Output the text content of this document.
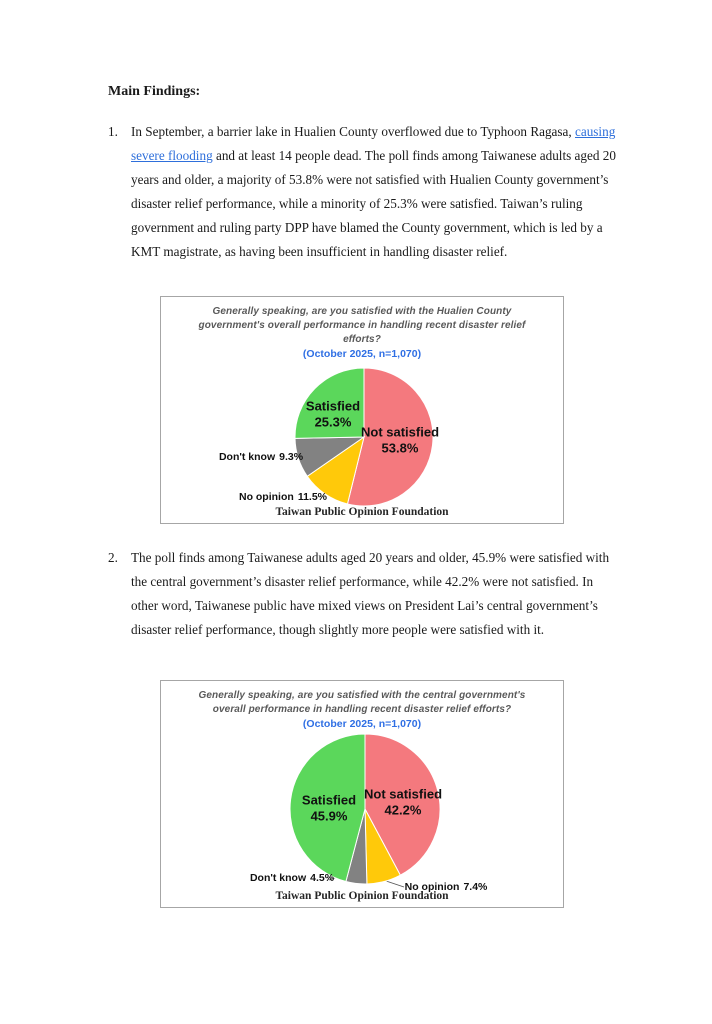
Main Findings:
1. In September, a barrier lake in Hualien County overflowed due to Typhoon Ragasa, causing severe flooding and at least 14 people dead. The poll finds among Taiwanese adults aged 20 years and older, a majority of 53.8% were not satisfied with Hualien County government’s disaster relief performance, while a minority of 25.3% were satisfied. Taiwan’s ruling government and ruling party DPP have blamed the County government, which is led by a KMT magistrate, as having been insufficient in handling disaster relief.
Generally speaking, are you satisfied with the Hualien County government's overall performance in handling recent disaster relief efforts?
(October 2025, n=1,070)
Satisfied
25.3%
Not satisfied
53.8%
Don't know 9.3%
No opinion 11.5%
Taiwan Public Opinion Foundation
2. The poll finds among Taiwanese adults aged 20 years and older, 45.9% were satisfied with the central government’s disaster relief performance, while 42.2% were not satisfied. In other word, Taiwanese public have mixed views on President Lai’s central government’s disaster relief performance, though slightly more people were satisfied with it.
Generally speaking, are you satisfied with the central government's overall performance in handling recent disaster relief efforts?
(October 2025, n=1,070)
Satisfied
45.9%
Not satisfied
42.2%
Don't know 4.5%
No opinion 7.4%
Taiwan Public Opinion Foundation
